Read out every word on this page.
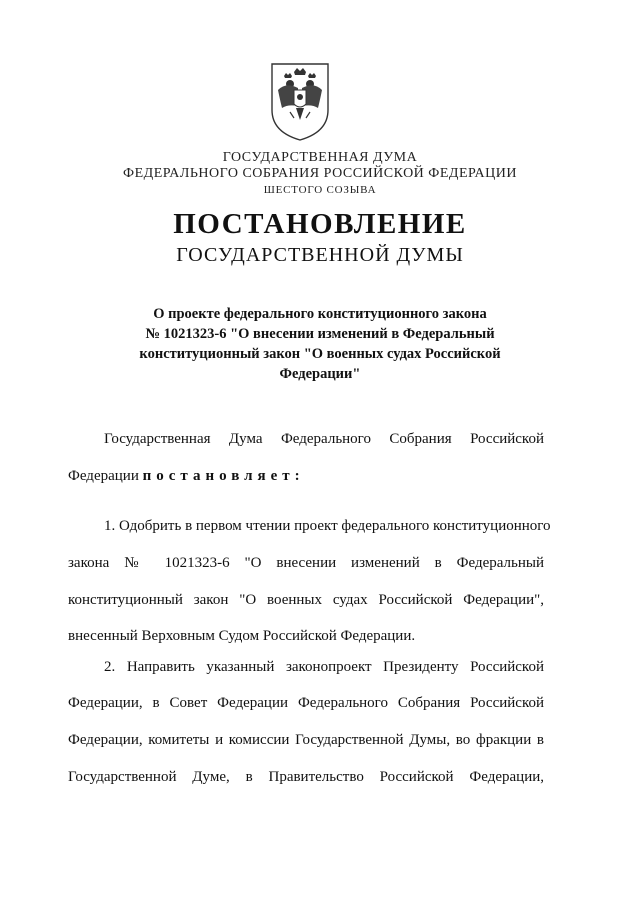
ГОСУДАРСТВЕННАЯ ДУМА
ФЕДЕРАЛЬНОГО СОБРАНИЯ РОССИЙСКОЙ ФЕДЕРАЦИИ
ШЕСТОГО СОЗЫВА
ПОСТАНОВЛЕНИЕ
ГОСУДАРСТВЕННОЙ ДУМЫ
О проекте федерального конституционного закона
№ 1021323-6 "О внесении изменений в Федеральный
конституционный закон "О военных судах Российской
Федерации"
Государственная Дума Федерального Собрания Российской
Федерации постановляет:
1. Одобрить в первом чтении проект федерального конституционного
закона № 1021323-6 "О внесении изменений в Федеральный
конституционный закон "О военных судах Российской Федерации",
внесенный Верховным Судом Российской Федерации.
2. Направить указанный законопроект Президенту Российской
Федерации, в Совет Федерации Федерального Собрания Российской
Федерации, комитеты и комиссии Государственной Думы, во фракции в
Государственной Думе, в Правительство Российской Федерации,
